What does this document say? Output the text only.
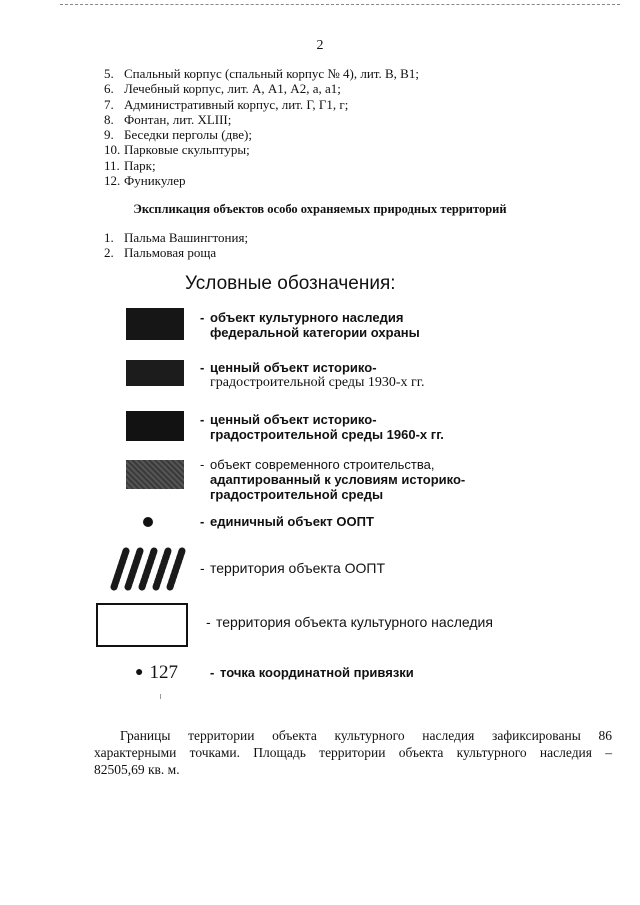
2
5. Спальный корпус (спальный корпус № 4), лит. В, В1;
6. Лечебный корпус, лит. А, А1, А2, а, а1;
7. Административный корпус, лит. Г, Г1, г;
8. Фонтан, лит. XLIII;
9. Беседки перголы (две);
10. Парковые скульптуры;
11. Парк;
12. Фуникулер
Экспликация объектов особо охраняемых природных территорий
1. Пальма Вашингтония;
2. Пальмовая роща
Условные обозначения:
- объект культурного наследия
федеральной категории охраны
- ценный объект историко-
градостроительной среды 1930-х гг.
- ценный объект историко-
градостроительной среды 1960-х гг.
- объект современного строительства,
адаптированный к условиям историко-
градостроительной среды
- единичный объект ООПТ
- территория объекта ООПТ
- территория объекта культурного наследия
● 127 - точка координатной привязки

Границы территории объекта культурного наследия зафиксированы 86
характерными точками. Площадь территории объекта культурного наследия –
82505,69 кв. м.
